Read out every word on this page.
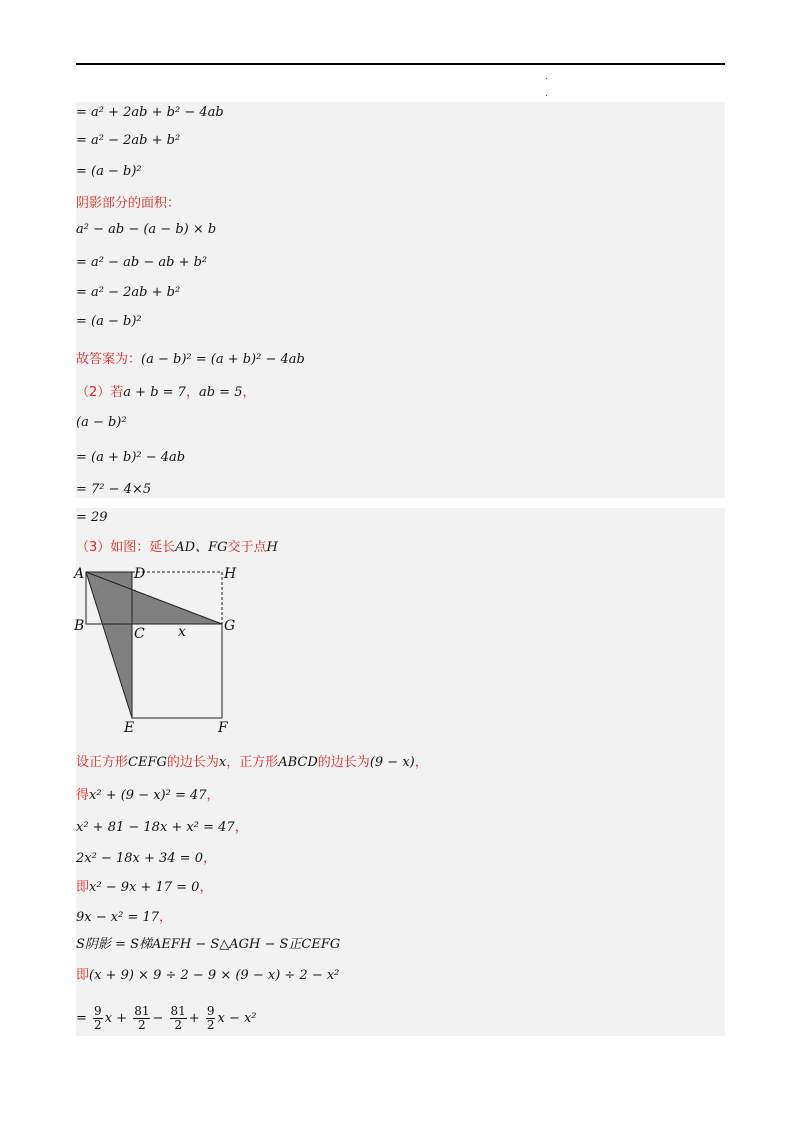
.
.
= a² + 2ab + b² − 4ab
= a² − 2ab + b²
= (a − b)²
阴影部分的面积：
a² − ab − (a − b) × b
= a² − ab − ab + b²
= a² − 2ab + b²
= (a − b)²
故答案为：(a − b)² = (a + b)² − 4ab
（2）若a + b = 7，ab = 5，
(a − b)²
= (a + b)² − 4ab
= 7² − 4×5
= 29
（3）如图：延长AD、FG交于点H
A	D	H
B	C x	G
E	F
设正方形CEFG的边长为x，正方形ABCD的边长为(9 − x)，
得x² + (9 − x)² = 47，
x² + 81 − 18x + x² = 47，
2x² − 18x + 34 = 0，
即x² − 9x + 17 = 0，
9x − x² = 17，
S阴影 = S梯AEFH − S△AGH − S正CEFG
即(x + 9) × 9 ÷ 2 − 9 × (9 − x) ÷ 2 − x²
= $\frac{9}{2}$ $x + \frac{81}{2} - \frac{81}{2} + \frac{9}{2}$ x − x²
